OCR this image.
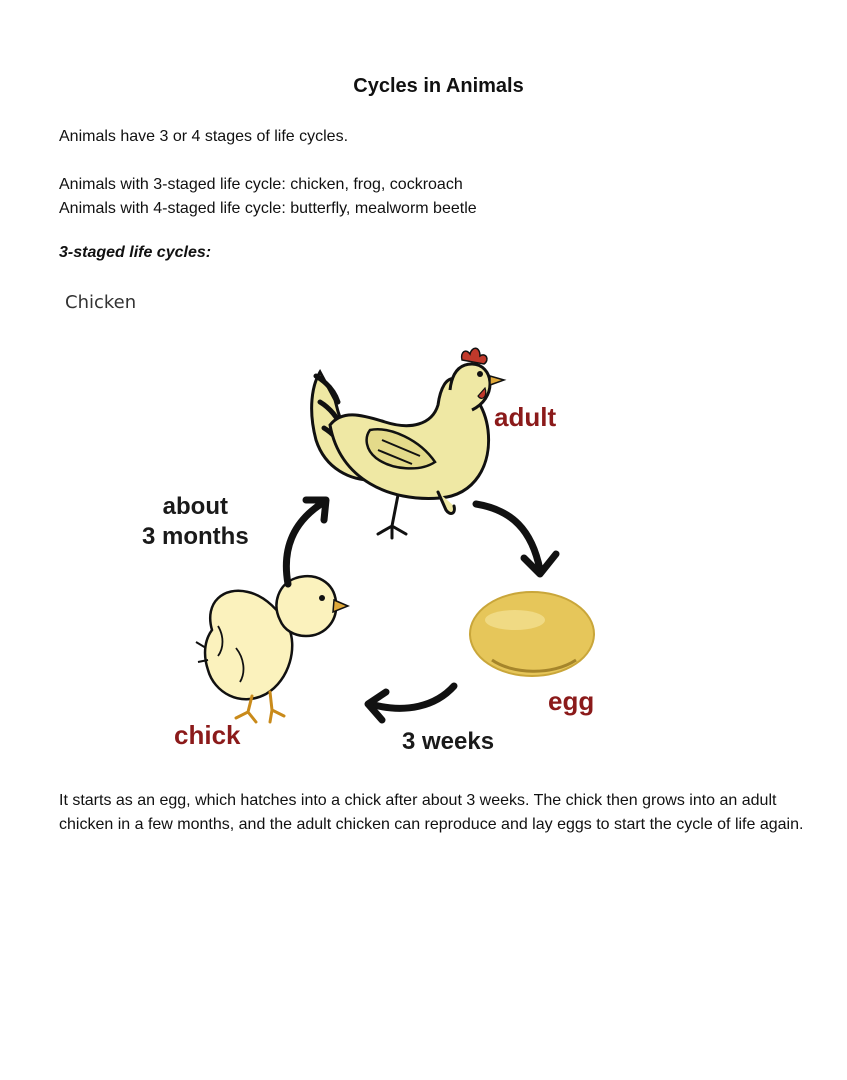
Cycles in Animals

Animals have 3 or 4 stages of life cycles.

Animals with 3-staged life cycle: chicken, frog, cockroach

Animals with 4-staged life cycle: butterfly, mealworm beetle

3-staged life cycles:

Chicken

adult

egg

chick	3 weeks

about
3 months

It starts as an egg, which hatches into a chick after about 3 weeks. The chick then grows into an adult chicken in a few months, and the adult chicken can reproduce and lay eggs to start the cycle of life again.
